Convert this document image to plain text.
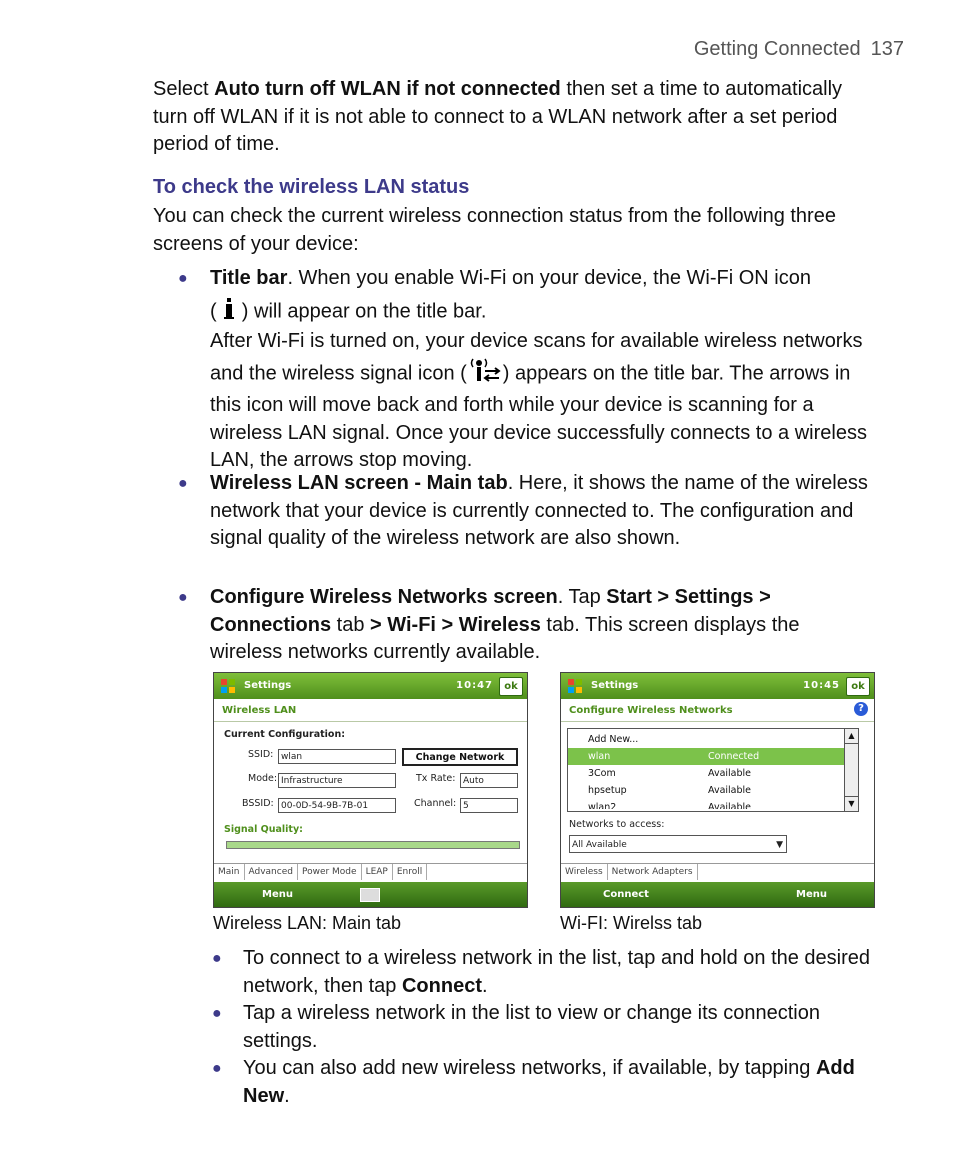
Getting Connected 137
Select Auto turn off WLAN if not connected then set a time to automatically turn off WLAN if it is not able to connect to a WLAN network after a set period period of time.
To check the wireless LAN status
You can check the current wireless connection status from the following three screens of your device:
● Title bar. When you enable Wi-Fi on your device, the Wi-Fi ON icon
( ) will appear on the title bar.
After Wi-Fi is turned on, your device scans for available wireless networks and the wireless signal icon ( ) appears on the title bar. The arrows in this icon will move back and forth while your device is scanning for a wireless LAN signal. Once your device successfully connects to a wireless LAN, the arrows stop moving.
● Wireless LAN screen - Main tab. Here, it shows the name of the wireless network that your device is currently connected to. The configuration and signal quality of the wireless network are also shown.
● Configure Wireless Networks screen. Tap Start > Settings >
Connections tab > Wi-Fi > Wireless tab. This screen displays the wireless networks currently available.
Settings	10:47	ok
Wireless LAN
Current Configuration:
SSID: wlan	Change Network
Mode: Infrastructure	Tx Rate: Auto
BSSID: 00-0D-54-9B-7B-01	Channel: 5
Signal Quality:
Main Advanced Power Mode LEAP Enroll
Menu
Wireless LAN: Main tab
Settings	10:45	ok
Configure Wireless Networks	?
Add New...
wlan	Connected
3Com	Available
hpsetup	Available
wlan2	Available
▲
▼
Networks to access:
All Available	▼
Wireless Network Adapters
Connect	Menu
Wi-FI: Wirelss tab
● To connect to a wireless network in the list, tap and hold on the desired network, then tap Connect.
● Tap a wireless network in the list to view or change its connection settings.
● You can also add new wireless networks, if available, by tapping Add New.
